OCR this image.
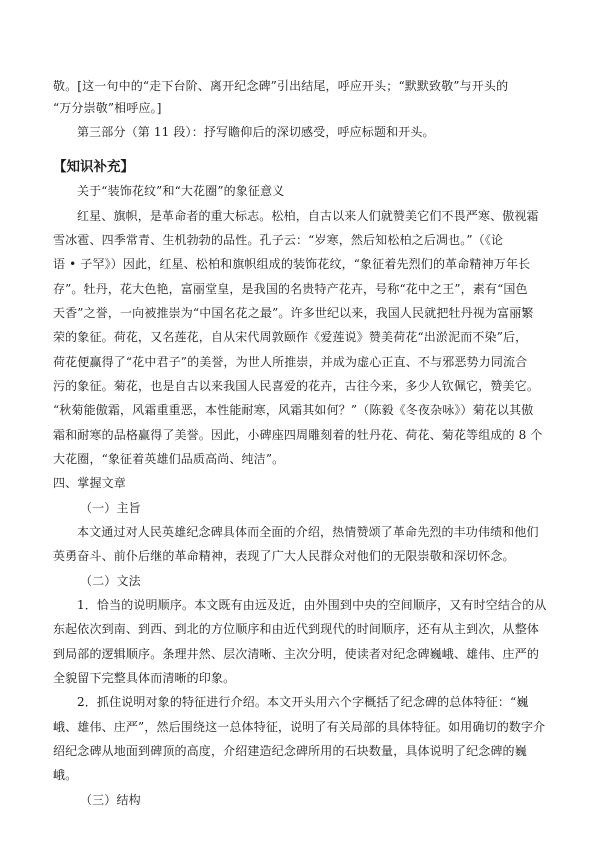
敬。[这一句中的“走下台阶、离开纪念碑”引出结尾，呼应开头；“默默致敬”与开头的
“万分崇敬”相呼应。]
第三部分（第 11 段）：抒写瞻仰后的深切感受，呼应标题和开头。
【知识补充】
关于“装饰花纹”和“大花圈”的象征意义
红星、旗帜，是革命者的重大标志。松柏，自古以来人们就赞美它们不畏严寒、傲视霜
雪冰雹、四季常青、生机勃勃的品性。孔子云：“岁寒，然后知松柏之后凋也。”（《论
语 • 子罕》）因此，红星、松柏和旗帜组成的装饰花纹，“象征着先烈们的革命精神万年长
存”。牡丹，花大色艳，富丽堂皇，是我国的名贵特产花卉，号称“花中之王”，素有“国色
天香”之誉，一向被推崇为“中国名花之最”。许多世纪以来，我国人民就把牡丹视为富丽繁
荣的象征。荷花，又名莲花，自从宋代周敦颐作《爱莲说》赞美荷花“出淤泥而不染”后，
荷花便赢得了“花中君子”的美誉，为世人所推崇，并成为虚心正直、不与邪恶势力同流合
污的象征。菊花，也是自古以来我国人民喜爱的花卉，古往今来，多少人钦佩它，赞美它。
“秋菊能傲霜，风霜重重恶，本性能耐寒，风霜其如何？”（陈毅《冬夜杂咏》）菊花以其傲
霜和耐寒的品格赢得了美誉。因此，小碑座四周雕刻着的牡丹花、荷花、菊花等组成的 8 个
大花圈，“象征着英雄们品质高尚、纯洁”。
四、掌握文章
（一）主旨
本文通过对人民英雄纪念碑具体而全面的介绍，热情赞颂了革命先烈的丰功伟绩和他们
英勇奋斗、前仆后继的革命精神，表现了广大人民群众对他们的无限崇敬和深切怀念。
（二）文法
1．恰当的说明顺序。本文既有由远及近，由外围到中央的空间顺序，又有时空结合的从
东起依次到南、到西、到北的方位顺序和由近代到现代的时间顺序，还有从主到次，从整体
到局部的逻辑顺序。条理井然、层次清晰、主次分明，使读者对纪念碑巍峨、雄伟、庄严的
全貌留下完整具体而清晰的印象。
2．抓住说明对象的特征进行介绍。本文开头用六个字概括了纪念碑的总体特征：“巍
峨、雄伟、庄严”，然后围绕这一总体特征，说明了有关局部的具体特征。如用确切的数字介
绍纪念碑从地面到碑顶的高度，介绍建造纪念碑所用的石块数量，具体说明了纪念碑的巍
峨。
（三）结构
